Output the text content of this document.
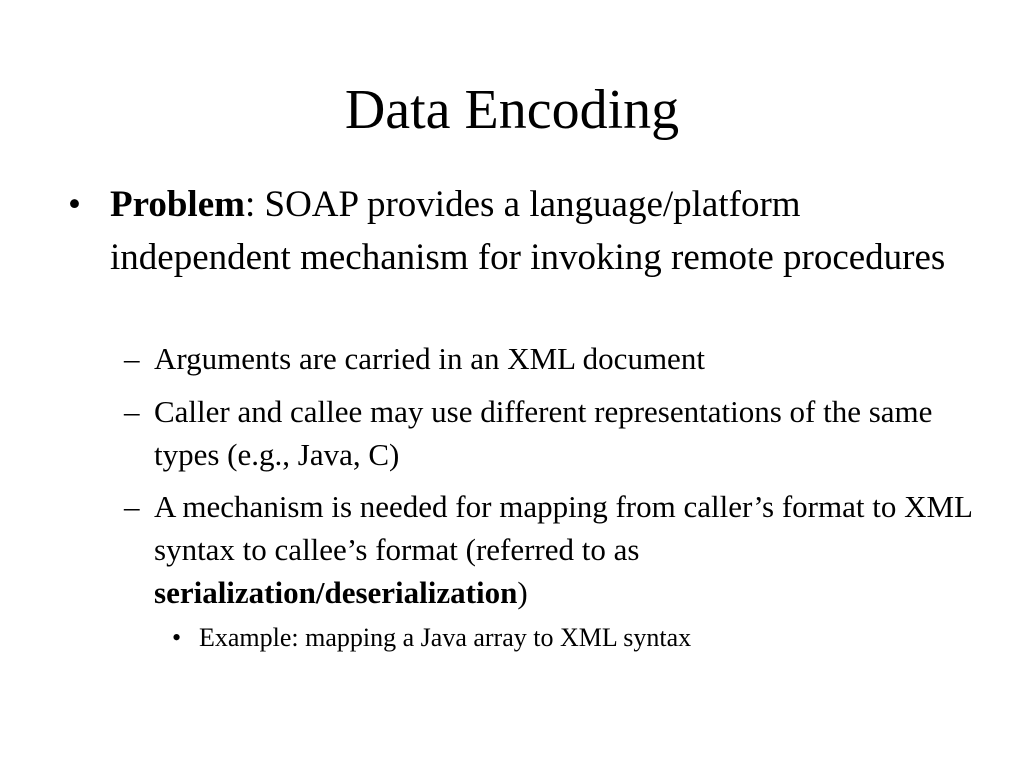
Data Encoding
• Problem: SOAP provides a language/platform independent mechanism for invoking remote procedures
– Arguments are carried in an XML document
– Caller and callee may use different representations of the same types (e.g., Java, C)
– A mechanism is needed for mapping from caller’s format to XML syntax to callee’s format (referred to as serialization/deserialization)
• Example: mapping a Java array to XML syntax
